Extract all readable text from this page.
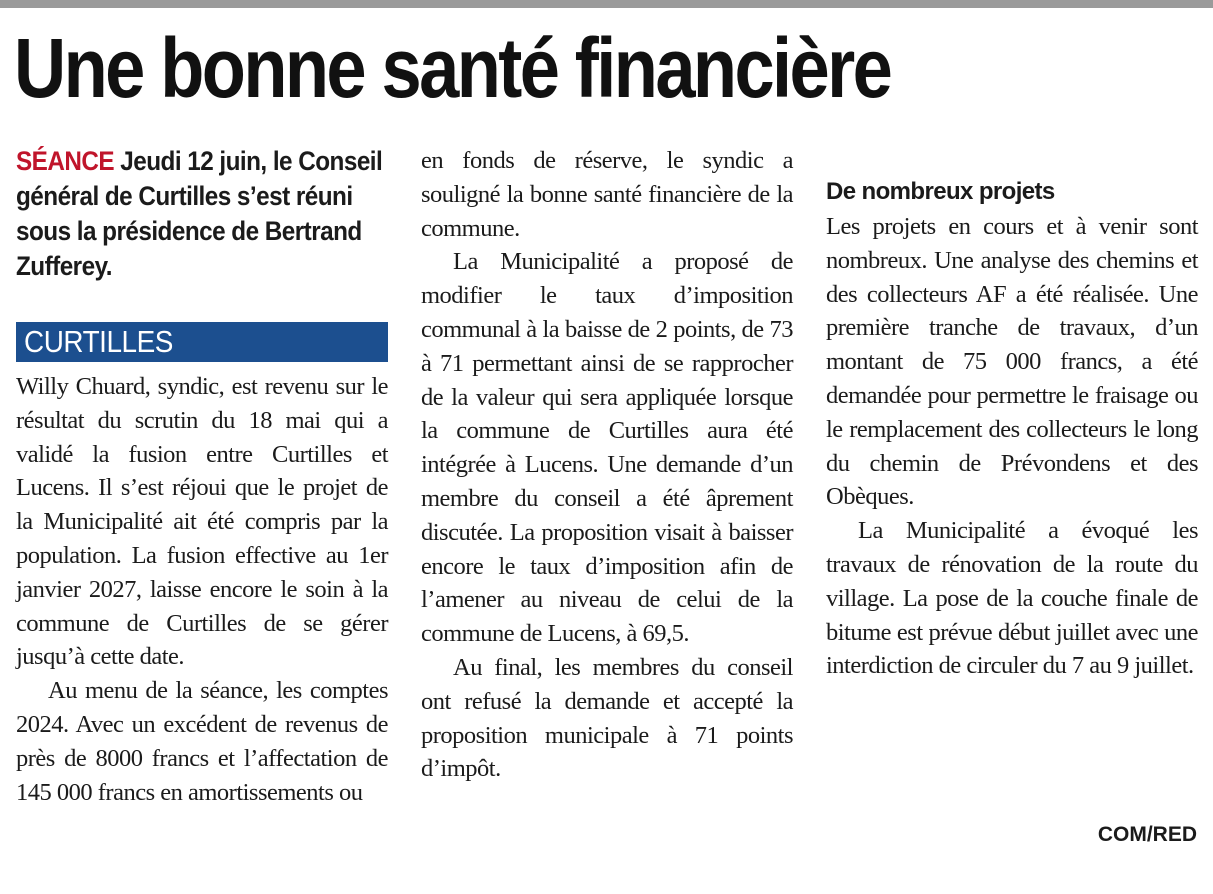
Une bonne santé financière

SÉANCE Jeudi 12 juin, le Conseil général de Curtilles s’est réuni sous la présidence de Bertrand Zufferey.

CURTILLES

Willy Chuard, syndic, est revenu sur le résultat du scrutin du 18 mai qui a validé la fusion entre Curtilles et Lucens. Il s’est réjoui que le projet de la Municipalité ait été compris par la population. La fusion effective au 1er janvier 2027, laisse encore le soin à la commune de Curtilles de se gérer jusqu’à cette date.

Au menu de la séance, les comptes 2024. Avec un excédent de revenus de près de 8000 francs et l’affectation de 145 000 francs en amortissements ou

en fonds de réserve, le syndic a souligné la bonne santé financière de la commune.

La Municipalité a proposé de modifier le taux d’imposition communal à la baisse de 2 points, de 73 à 71 permettant ainsi de se rapprocher de la valeur qui sera appliquée lorsque la commune de Curtilles aura été intégrée à Lucens. Une demande d’un membre du conseil a été âprement discutée. La proposition visait à baisser encore le taux d’imposition afin de l’amener au niveau de celui de la commune de Lucens, à 69,5.

Au final, les membres du conseil ont refusé la demande et accepté la proposition municipale à 71 points d’impôt.

De nombreux projets

Les projets en cours et à venir sont nombreux. Une analyse des chemins et des collecteurs AF a été réalisée. Une première tranche de travaux, d’un montant de 75 000 francs, a été demandée pour permettre le fraisage ou le remplacement des collecteurs le long du chemin de Prévondens et des Obèques.

La Municipalité a évoqué les travaux de rénovation de la route du village. La pose de la couche finale de bitume est prévue début juillet avec une interdiction de circuler du 7 au 9 juillet.

COM/RED
